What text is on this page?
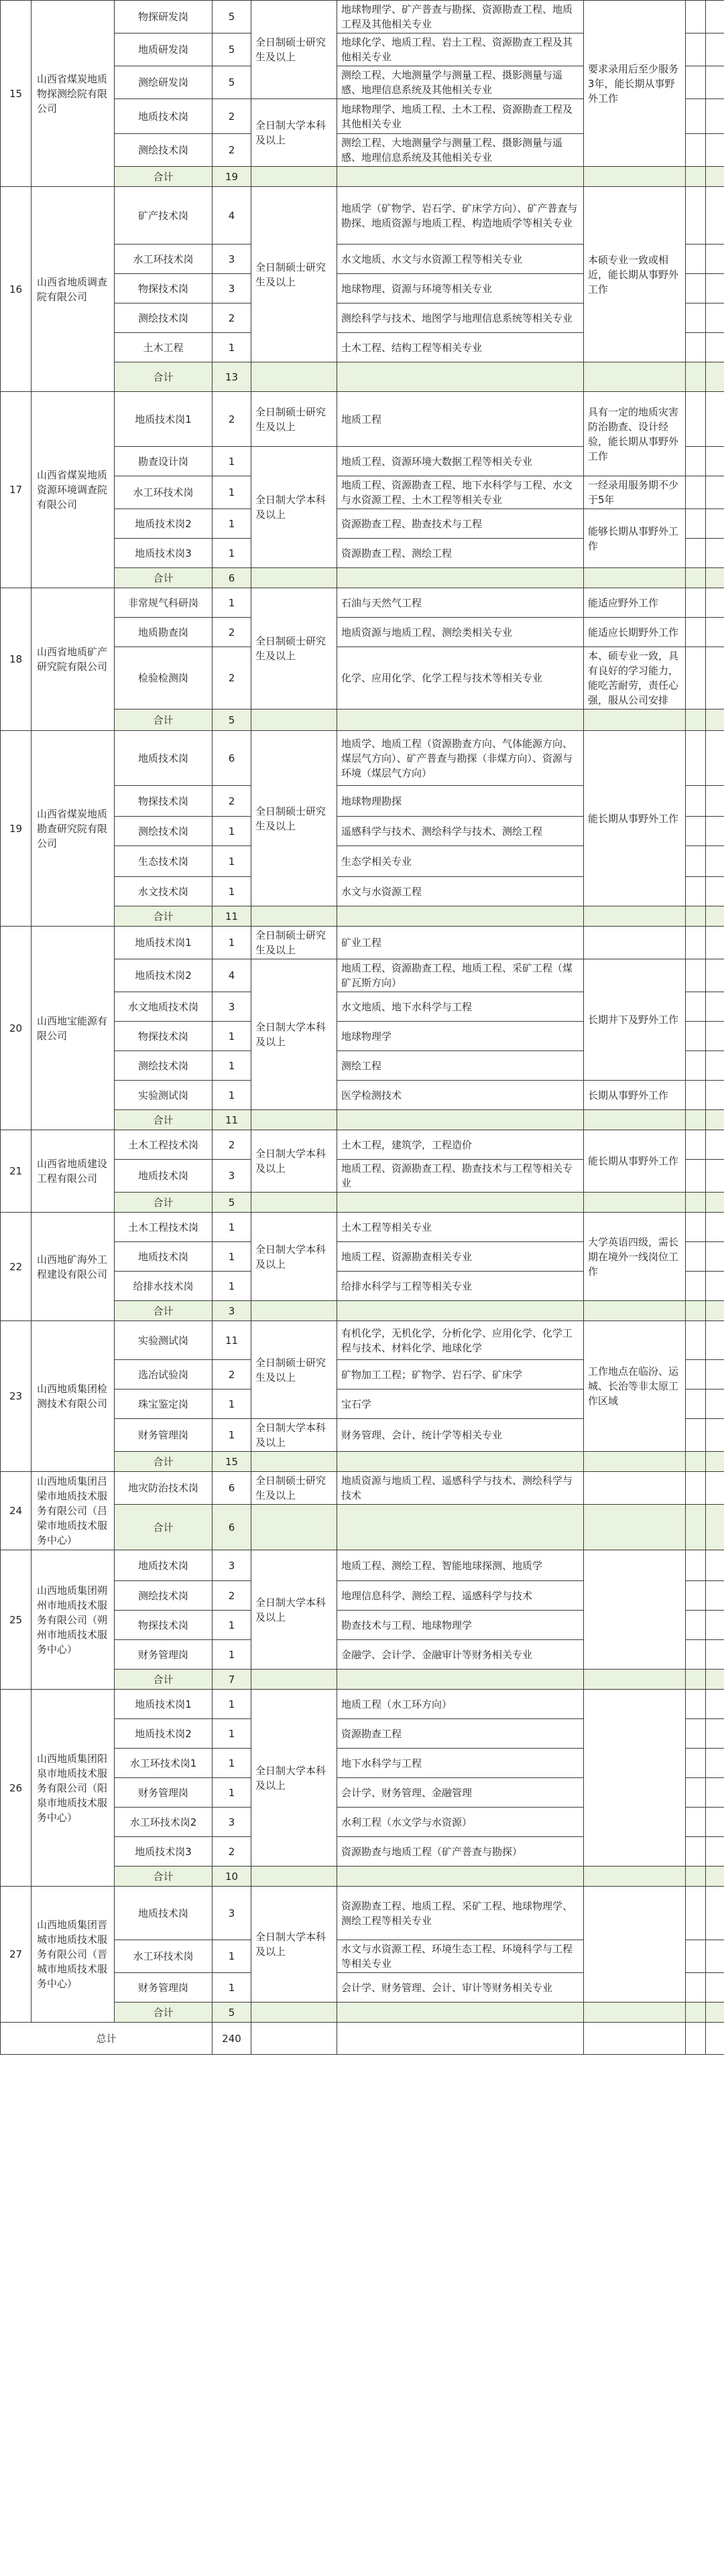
15	山西省煤炭地质物探测绘院有限公司	物探研发岗	5	全日制硕士研究生及以上	地球物理学、矿产普查与勘探、资源勘查工程、地质工程及其他相关专业	要求录用后至少服务3年，能长期从事野外工作		
		地质研发岗	5		地球化学、地质工程、岩土工程、资源勘查工程及其他相关专业			
		测绘研发岗	5		测绘工程、大地测量学与测量工程、摄影测量与遥感、地理信息系统及其他相关专业			
		地质技术岗	2	全日制大学本科及以上	地球物理学、地质工程、土木工程、资源勘查工程及其他相关专业			
		测绘技术岗	2		测绘工程、大地测量学与测量工程、摄影测量与遥感、地理信息系统及其他相关专业			
		合计	19					
16	山西省地质调查院有限公司	矿产技术岗	4	全日制硕士研究生及以上	地质学（矿物学、岩石学、矿床学方向）、矿产普查与勘探、地质资源与地质工程、构造地质学等相关专业	本硕专业一致或相近，能长期从事野外工作		
		水工环技术岗	3		水文地质、水文与水资源工程等相关专业			
		物探技术岗	3		地球物理、资源与环境等相关专业			
		测绘技术岗	2		测绘科学与技术、地图学与地理信息系统等相关专业			
		土木工程	1		土木工程、结构工程等相关专业			
		合计	13					
17	山西省煤炭地质资源环境调查院有限公司	地质技术岗1	2	全日制硕士研究生及以上	地质工程	具有一定的地质灾害防治勘查、设计经验，能长期从事野外工作		
		勘查设计岗	1	全日制大学本科及以上	地质工程、资源环境大数据工程等相关专业			
		水工环技术岗	1		地质工程、资源勘查工程、地下水科学与工程、水文与水资源工程、土木工程等相关专业	一经录用服务期不少于5年		
		地质技术岗2	1		资源勘查工程、勘查技术与工程	能够长期从事野外工作		
		地质技术岗3	1		资源勘查工程、测绘工程			
		合计	6					
18	山西省地质矿产研究院有限公司	非常规气科研岗	1	全日制硕士研究生及以上	石油与天然气工程	能适应野外工作		
		地质勘查岗	2		地质资源与地质工程、测绘类相关专业	能适应长期野外工作		
		检验检测岗	2		化学、应用化学、化学工程与技术等相关专业	本、硕专业一致，具有良好的学习能力，能吃苦耐劳，责任心强，服从公司安排		
		合计	5					
19	山西省煤炭地质勘查研究院有限公司	地质技术岗	6	全日制硕士研究生及以上	地质学、地质工程（资源勘查方向、气体能源方向、煤层气方向）、矿产普查与勘探（非煤方向）、资源与环境（煤层气方向）	能长期从事野外工作		
		物探技术岗	2		地球物理勘探			
		测绘技术岗	1		遥感科学与技术、测绘科学与技术、测绘工程			
		生态技术岗	1		生态学相关专业			
		水文技术岗	1		水文与水资源工程			
		合计	11					
20	山西地宝能源有限公司	地质技术岗1	1	全日制硕士研究生及以上	矿业工程			
		地质技术岗2	4	全日制大学本科及以上	地质工程、资源勘查工程、地质工程、采矿工程（煤矿瓦斯方向）	长期井下及野外工作		
		水文地质技术岗	3		水文地质、地下水科学与工程			
		物探技术岗	1		地球物理学			
		测绘技术岗	1		测绘工程			
		实验测试岗	1		医学检测技术	长期从事野外工作		
		合计	11					
21	山西省地质建设工程有限公司	土木工程技术岗	2	全日制大学本科及以上	土木工程，建筑学，工程造价	能长期从事野外工作		
		地质技术岗	3		地质工程、资源勘查工程、勘查技术与工程等相关专业			
		合计	5					
22	山西地矿海外工程建设有限公司	土木工程技术岗	1	全日制大学本科及以上	土木工程等相关专业	大学英语四级，需长期在境外一线岗位工作		
		地质技术岗	1		地质工程、资源勘查相关专业			
		给排水技术岗	1		给排水科学与工程等相关专业			
		合计	3					
23	山西地质集团检测技术有限公司	实验测试岗	11	全日制硕士研究生及以上	有机化学，无机化学，分析化学、应用化学、化学工程与技术、材料化学、地球化学	工作地点在临汾、运城、长治等非太原工作区域		
		选冶试验岗	2		矿物加工工程；矿物学、岩石学、矿床学			
		珠宝鉴定岗	1		宝石学			
		财务管理岗	1	全日制大学本科及以上	财务管理、会计、统计学等相关专业			
		合计	15					
24	山西地质集团吕梁市地质技术服务有限公司（吕梁市地质技术服务中心）	地灾防治技术岗	6	全日制硕士研究生及以上	地质资源与地质工程、遥感科学与技术、测绘科学与技术			
		合计	6					
25	山西地质集团朔州市地质技术服务有限公司（朔州市地质技术服务中心）	地质技术岗	3	全日制大学本科及以上	地质工程、测绘工程、智能地球探测、地质学			
		测绘技术岗	2		地理信息科学、测绘工程、遥感科学与技术			
		物探技术岗	1		勘查技术与工程、地球物理学			
		财务管理岗	1		金融学、会计学、金融审计等财务相关专业			
		合计	7					
26	山西地质集团阳泉市地质技术服务有限公司（阳泉市地质技术服务中心）	地质技术岗1	1	全日制大学本科及以上	地质工程（水工环方向）			
		地质技术岗2	1		资源勘查工程			
		水工环技术岗1	1		地下水科学与工程			
		财务管理岗	1		会计学、财务管理、金融管理			
		水工环技术岗2	3		水利工程（水文学与水资源）			
		地质技术岗3	2		资源勘查与地质工程（矿产普查与勘探）			
		合计	10					
27	山西地质集团晋城市地质技术服务有限公司（晋城市地质技术服务中心）	地质技术岗	3	全日制大学本科及以上	资源勘查工程、地质工程、采矿工程、地球物理学、测绘工程等相关专业			
		水工环技术岗	1		水文与水资源工程、环境生态工程、环境科学与工程等相关专业			
		财务管理岗	1		会计学、财务管理、会计、审计等财务相关专业			
		合计	5					
总计			240					
